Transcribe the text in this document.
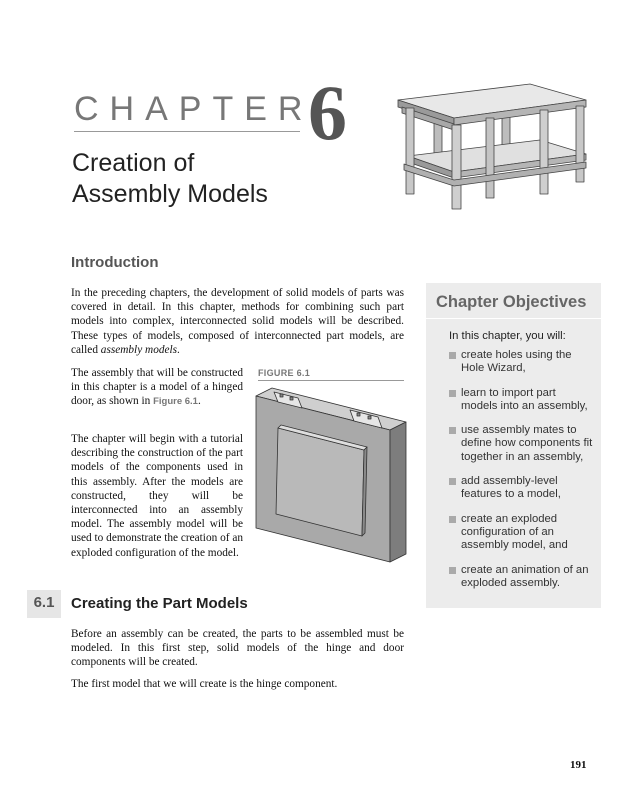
CHAPTER
6
Creation of
Assembly Models
Introduction

In the preceding chapters, the development of solid models of parts was covered in detail. In this chapter, methods for combining such part models into complex, interconnected solid models will be described. These types of models, composed of interconnected part models, are called assembly models.

The assembly that will be constructed in this chapter is a model of a hinged door, as shown in Figure 6.1.

The chapter will begin with a tutorial describing the construction of the part models of the components used in this assembly. After the models are constructed, they will be interconnected into an assembly model. The assembly model will be used to demonstrate the creation of an exploded configuration of the model.

FIGURE 6.1
6.1	Creating the Part Models

Before an assembly can be created, the parts to be assembled must be modeled. In this first step, solid models of the hinge and door components will be created.

The first model that we will create is the hinge component.

Chapter Objectives
In this chapter, you will:
create holes using the Hole Wizard,
learn to import part models into an assembly,
use assembly mates to define how components fit together in an assembly,
add assembly-level features to a model,
create an exploded configuration of an assembly model, and
create an animation of an exploded assembly.
191
